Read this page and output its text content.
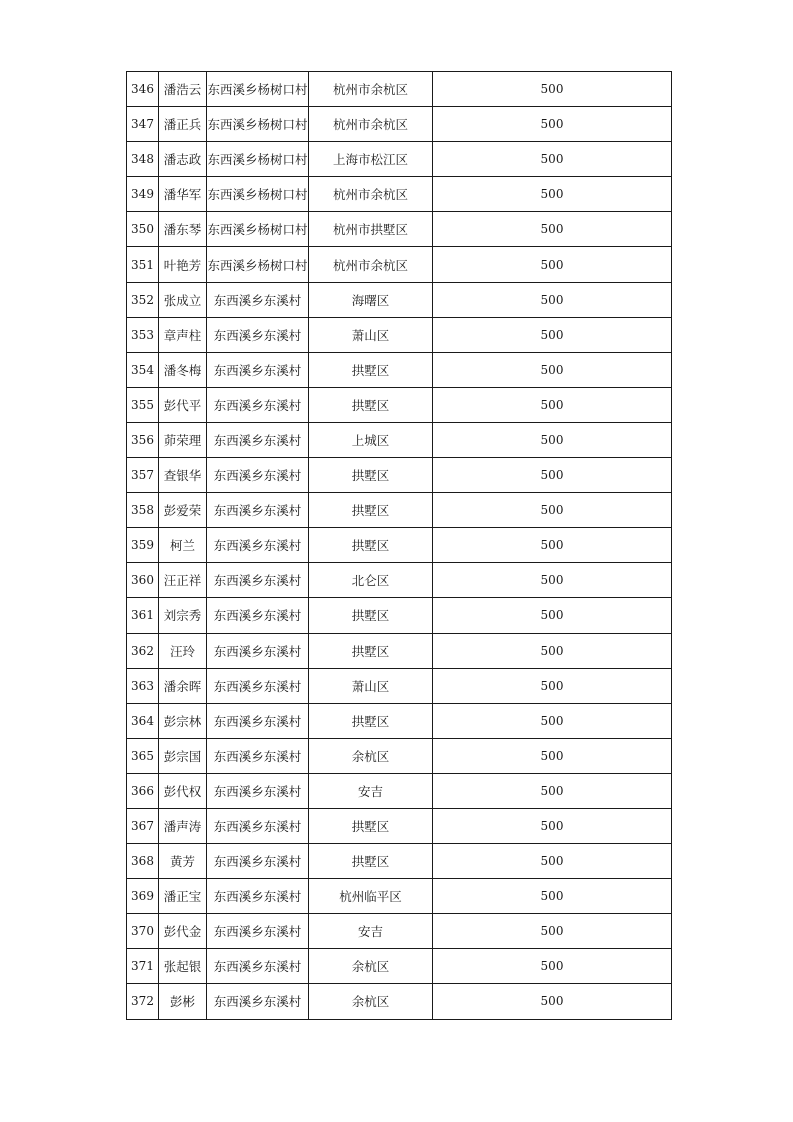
346	潘浩云	东西溪乡杨树口村	杭州市余杭区	500
347	潘正兵	东西溪乡杨树口村	杭州市余杭区	500
348	潘志政	东西溪乡杨树口村	上海市松江区	500
349	潘华军	东西溪乡杨树口村	杭州市余杭区	500
350	潘东琴	东西溪乡杨树口村	杭州市拱墅区	500
351	叶艳芳	东西溪乡杨树口村	杭州市余杭区	500
352	张成立	东西溪乡东溪村	海曙区	500
353	章声柱	东西溪乡东溪村	萧山区	500
354	潘冬梅	东西溪乡东溪村	拱墅区	500
355	彭代平	东西溪乡东溪村	拱墅区	500
356	茆荣理	东西溪乡东溪村	上城区	500
357	查银华	东西溪乡东溪村	拱墅区	500
358	彭爱荣	东西溪乡东溪村	拱墅区	500
359	柯兰	东西溪乡东溪村	拱墅区	500
360	汪正祥	东西溪乡东溪村	北仑区	500
361	刘宗秀	东西溪乡东溪村	拱墅区	500
362	汪玲	东西溪乡东溪村	拱墅区	500
363	潘余晖	东西溪乡东溪村	萧山区	500
364	彭宗林	东西溪乡东溪村	拱墅区	500
365	彭宗国	东西溪乡东溪村	余杭区	500
366	彭代权	东西溪乡东溪村	安吉	500
367	潘声涛	东西溪乡东溪村	拱墅区	500
368	黄芳	东西溪乡东溪村	拱墅区	500
369	潘正宝	东西溪乡东溪村	杭州临平区	500
370	彭代金	东西溪乡东溪村	安吉	500
371	张起银	东西溪乡东溪村	余杭区	500
372	彭彬	东西溪乡东溪村	余杭区	500
